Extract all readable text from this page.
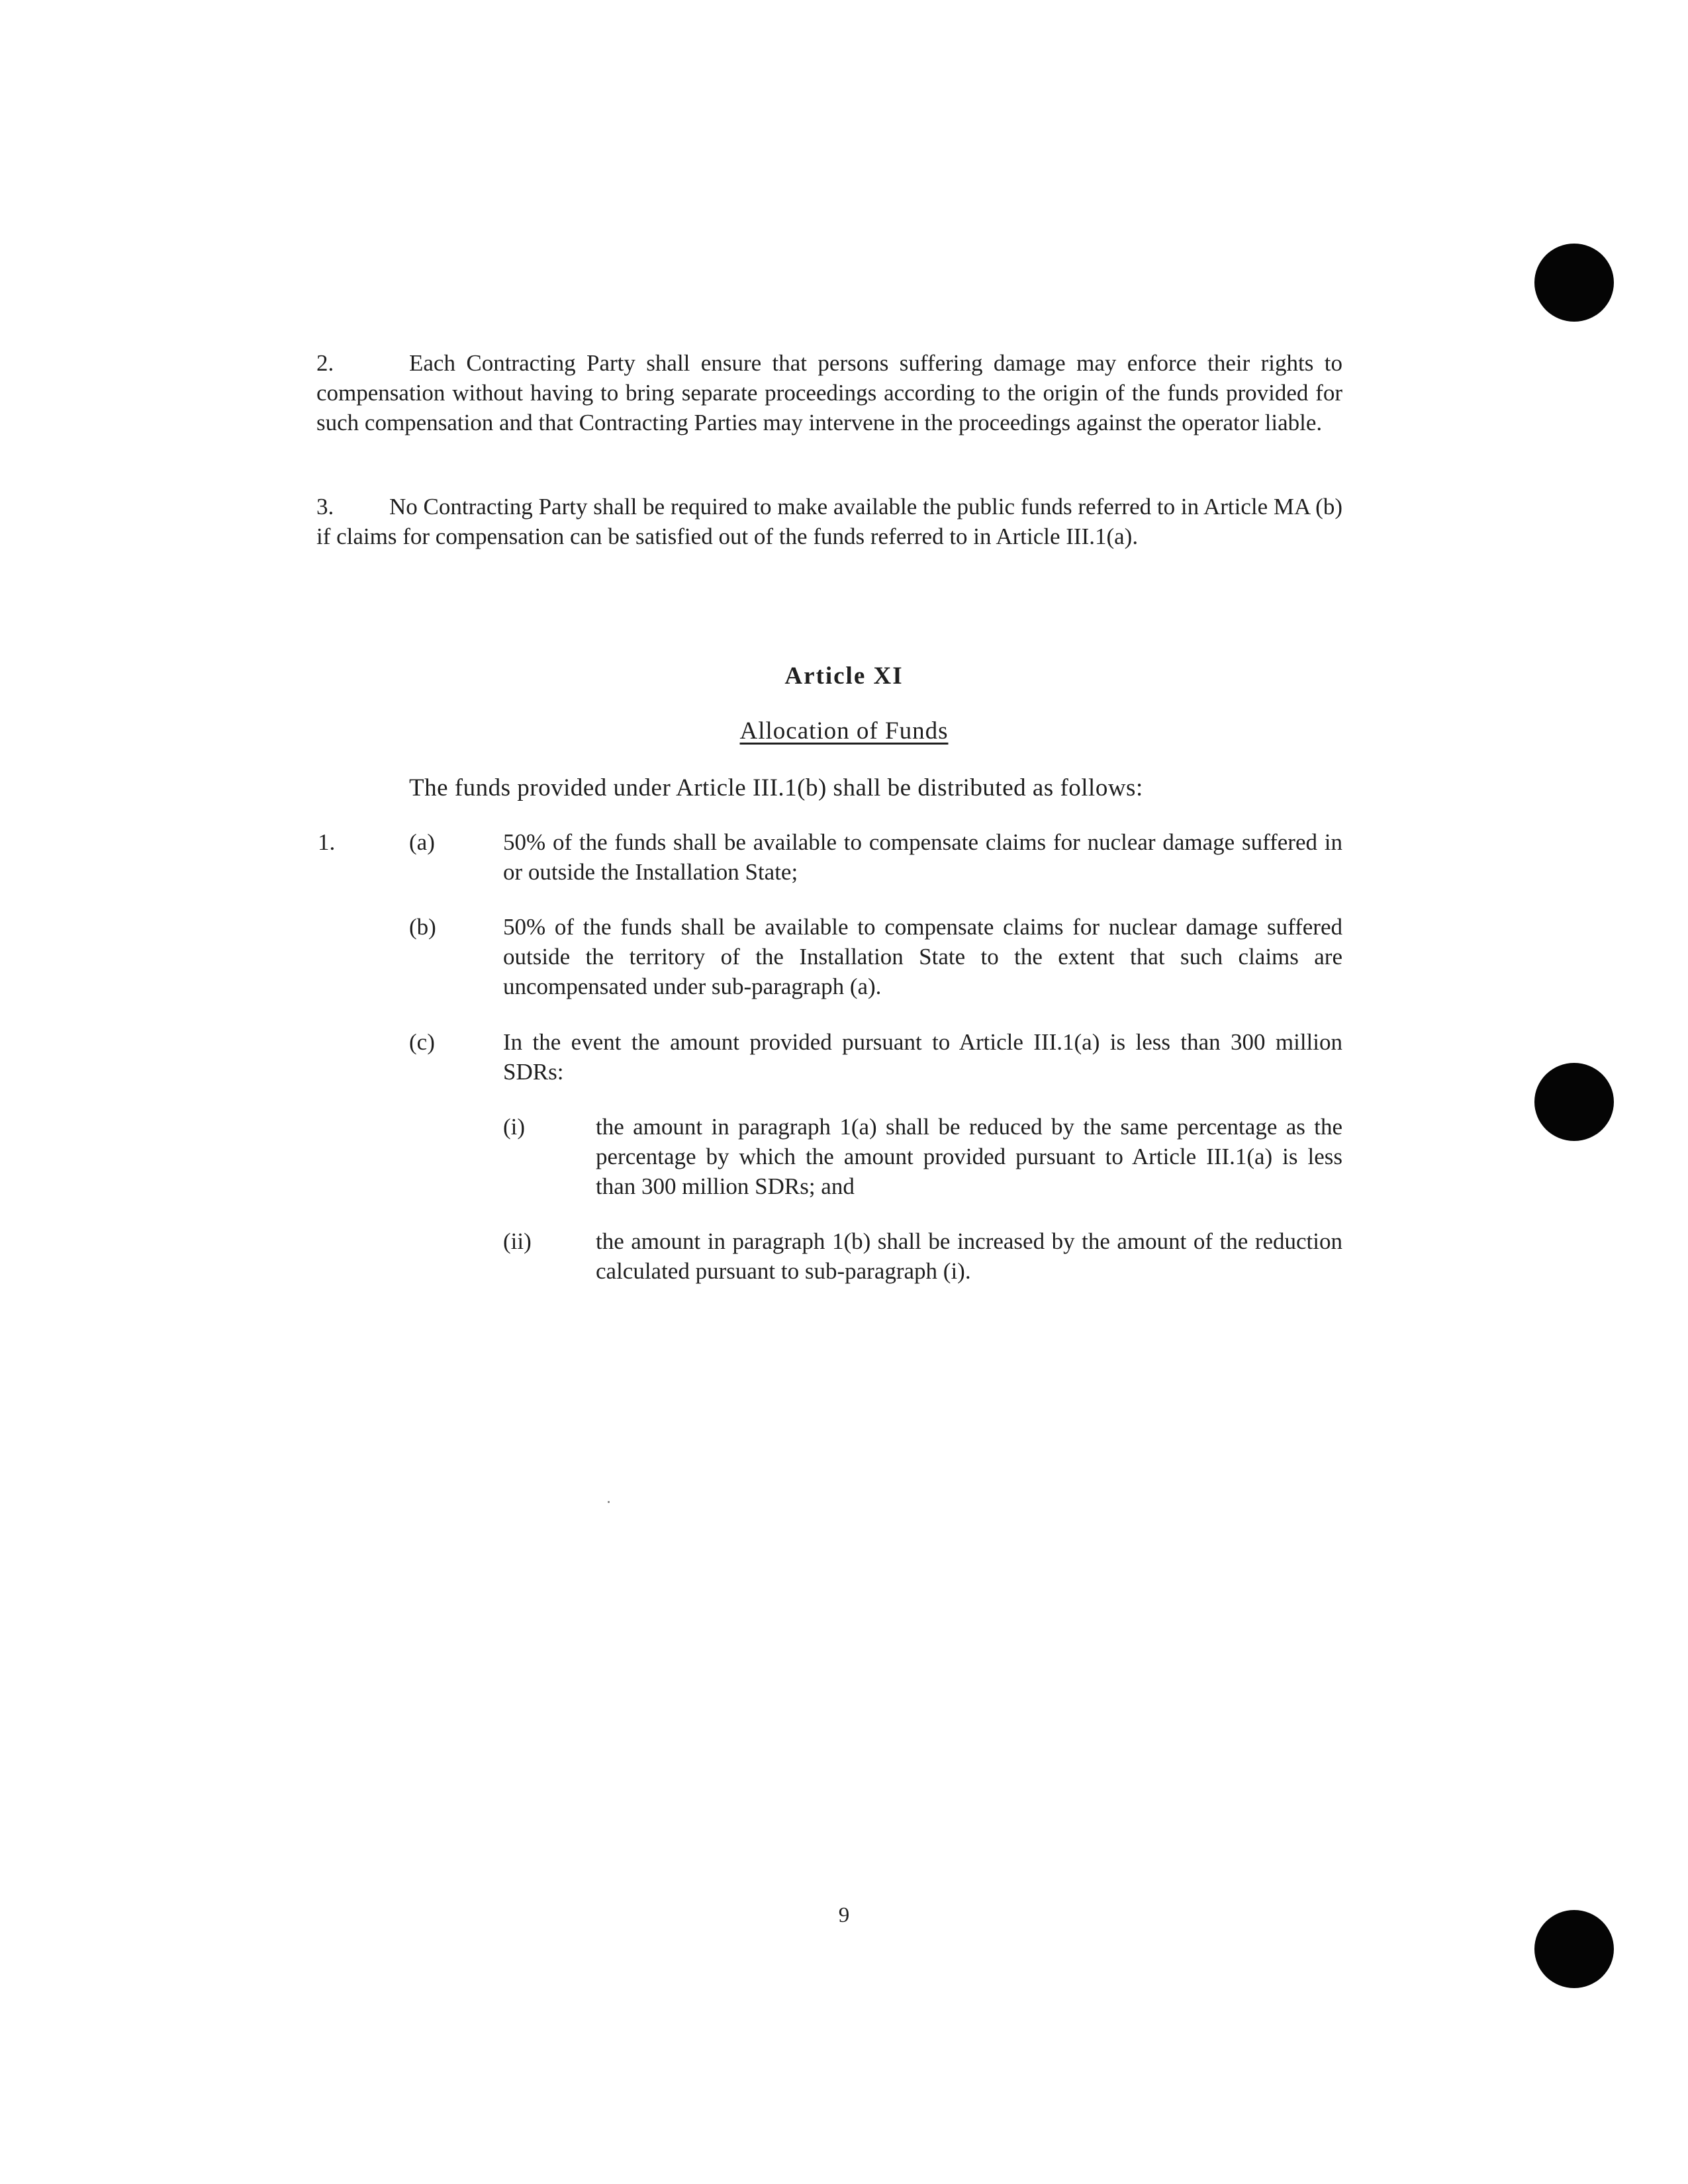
2.	Each Contracting Party shall ensure that persons suffering damage may enforce their rights to compensation without having to bring separate proceedings according to the origin of the funds provided for such compensation and that Contracting Parties may intervene in the proceedings against the operator liable.
3. No Contracting Party shall be required to make available the public funds referred to in Article MA (b) if claims for compensation can be satisfied out of the funds referred to in Article III.1(a).
Article XI
Allocation of Funds
The funds provided under Article III.1(b) shall be distributed as follows:
1.	(a)	50% of the funds shall be available to compensate claims for nuclear damage suffered in or outside the Installation State;
(b)	50% of the funds shall be available to compensate claims for nuclear damage suffered outside the territory of the Installation State to the extent that such claims are uncompensated under sub-paragraph (a).
(c)	In the event the amount provided pursuant to Article III.1(a) is less than 300 million SDRs:
(i)	the amount in paragraph 1(a) shall be reduced by the same percentage as the percentage by which the amount provided pursuant to Article III.1(a) is less than 300 million SDRs; and
(ii)	the amount in paragraph 1(b) shall be increased by the amount of the reduction calculated pursuant to sub-paragraph (i).
9
